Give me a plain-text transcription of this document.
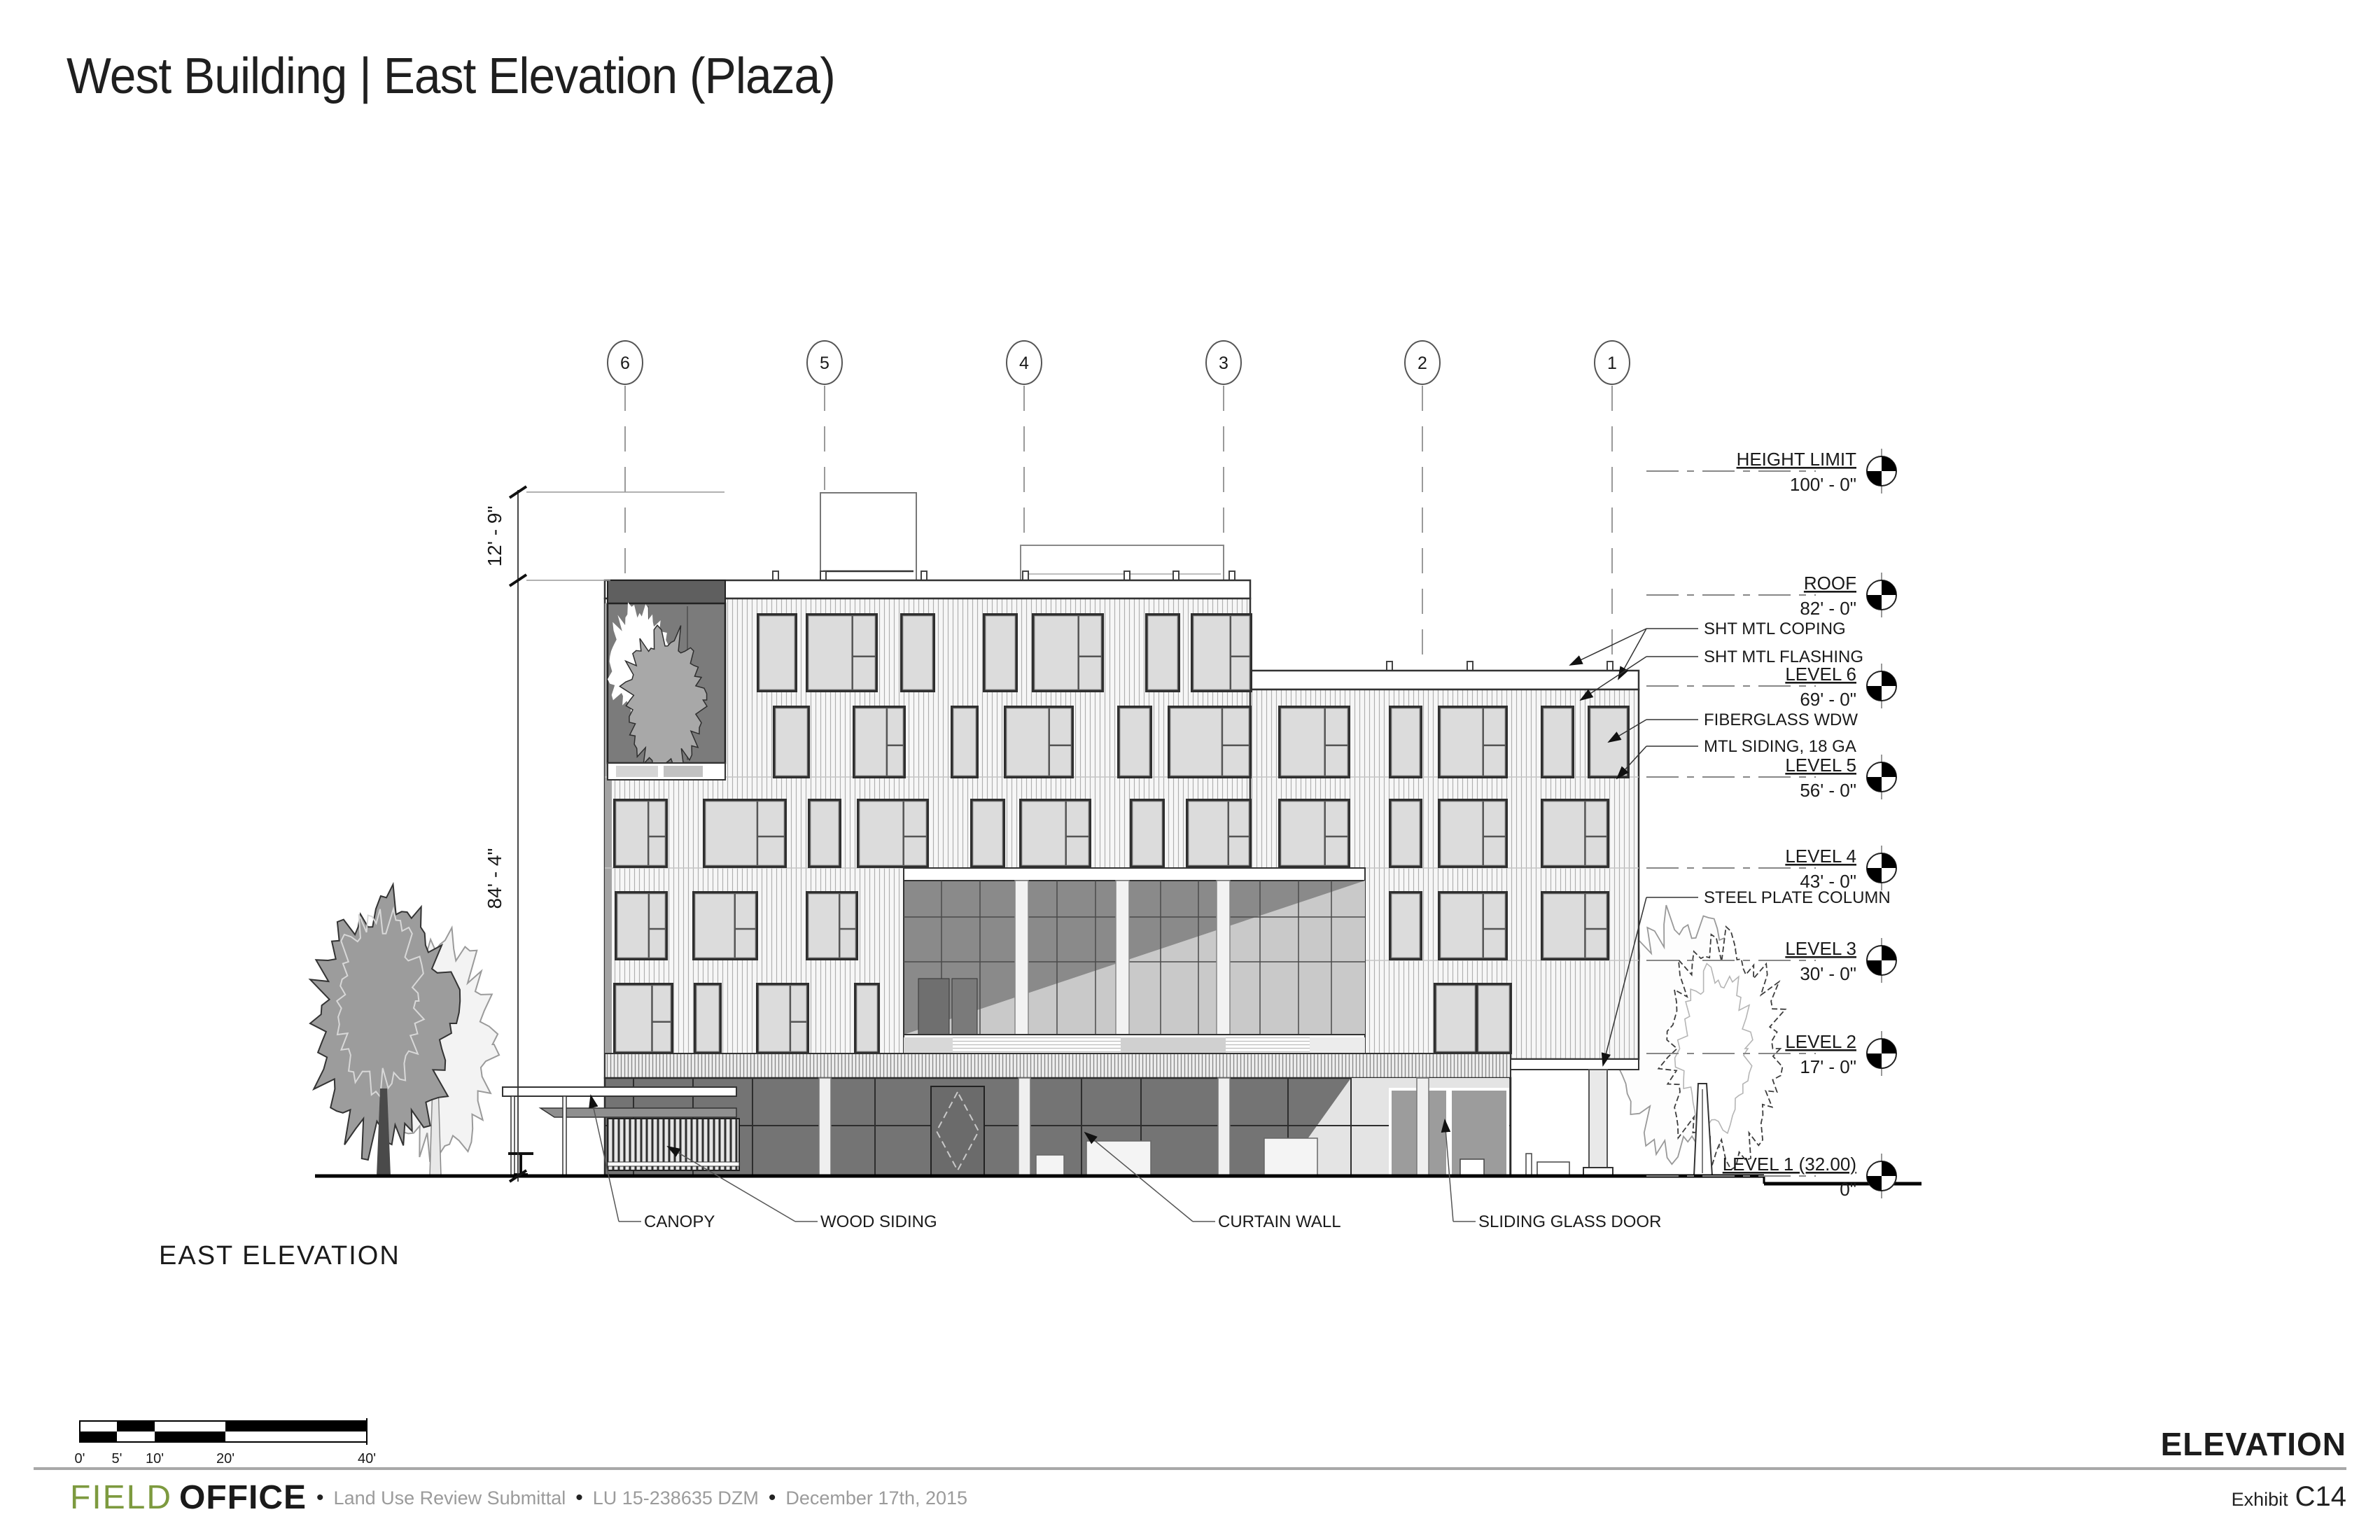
West Building | East Elevation (Plaza)
6	5	4	3	2	1
12' - 9"
84' - 4"
HEIGHT LIMIT
100' - 0"
ROOF
82' - 0"
LEVEL 6
69' - 0"
LEVEL 5
56' - 0"
LEVEL 4
43' - 0"
LEVEL 3
30' - 0"
LEVEL 2
17' - 0"
LEVEL 1 (32.00)
0"
SHT MTL COPING
SHT MTL FLASHING
FIBERGLASS WDW
MTL SIDING, 18 GA
STEEL PLATE COLUMN
CANOPY	WOOD SIDING	CURTAIN WALL	SLIDING GLASS DOOR
EAST ELEVATION
0' 5' 10'	20'	40'	ELEVATION
Exhibit C14
FIELD OFFICE • Land Use Review Submittal • LU 15-238635 DZM • December 17th, 2015
